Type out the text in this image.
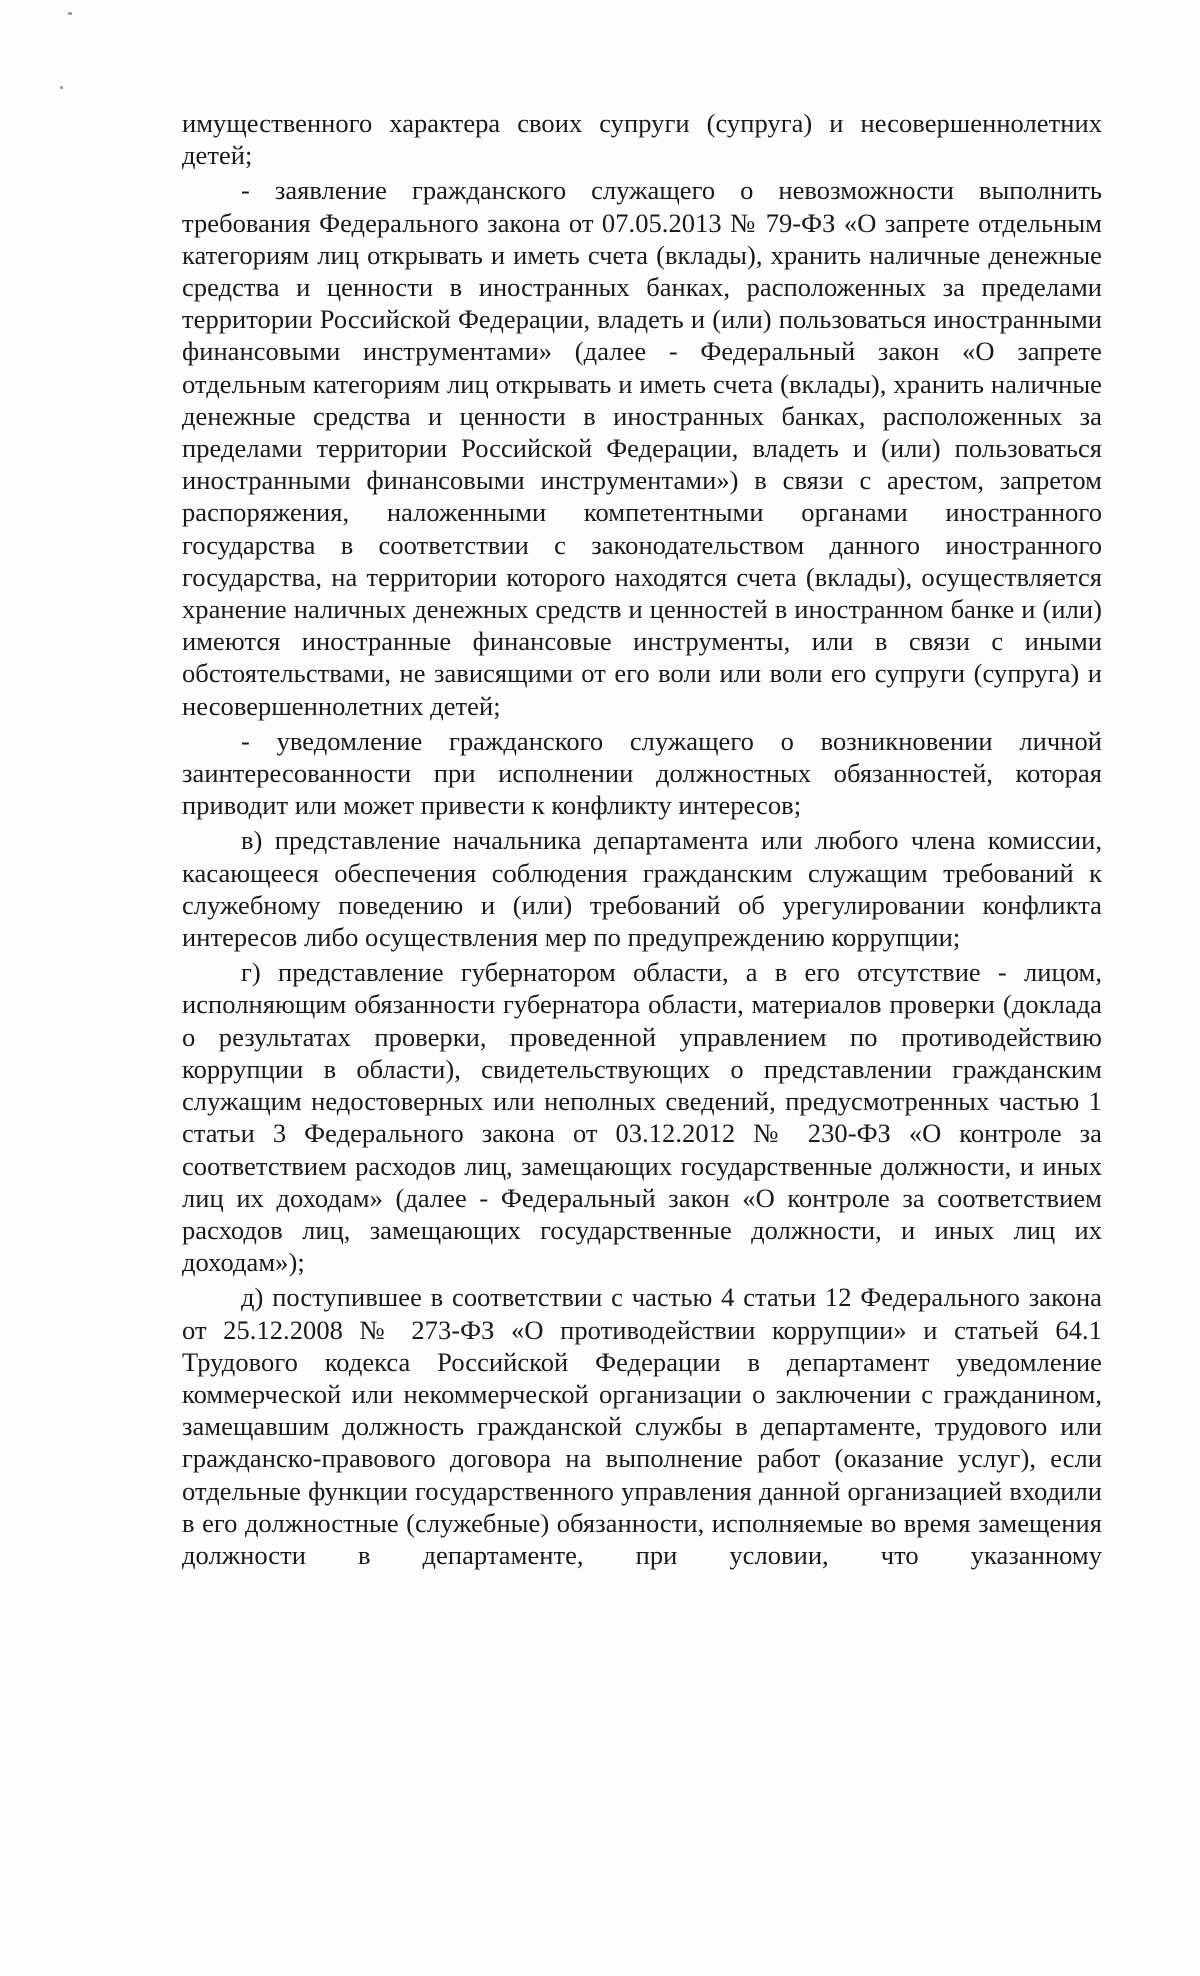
имущественного характера своих супруги (супруга) и несовершеннолетних детей;

- заявление гражданского служащего о невозможности выполнить требования Федерального закона от 07.05.2013 № 79-ФЗ «О запрете отдельным категориям лиц открывать и иметь счета (вклады), хранить наличные денежные средства и ценности в иностранных банках, расположенных за пределами территории Российской Федерации, владеть и (или) пользоваться иностранными финансовыми инструментами» (далее - Федеральный закон «О запрете отдельным категориям лиц открывать и иметь счета (вклады), хранить наличные денежные средства и ценности в иностранных банках, расположенных за пределами территории Российской Федерации, владеть и (или) пользоваться иностранными финансовыми инструментами») в связи с арестом, запретом распоряжения, наложенными компетентными органами иностранного государства в соответствии с законодательством данного иностранного государства, на территории которого находятся счета (вклады), осуществляется хранение наличных денежных средств и ценностей в иностранном банке и (или) имеются иностранные финансовые инструменты, или в связи с иными обстоятельствами, не зависящими от его воли или воли его супруги (супруга) и несовершеннолетних детей;

- уведомление гражданского служащего о возникновении личной заинтересованности при исполнении должностных обязанностей, которая приводит или может привести к конфликту интересов;

в) представление начальника департамента или любого члена комиссии, касающееся обеспечения соблюдения гражданским служащим требований к служебному поведению и (или) требований об урегулировании конфликта интересов либо осуществления мер по предупреждению коррупции;

г) представление губернатором области, а в его отсутствие - лицом, исполняющим обязанности губернатора области, материалов проверки (доклада о результатах проверки, проведенной управлением по противодействию коррупции в области), свидетельствующих о представлении гражданским служащим недостоверных или неполных сведений, предусмотренных частью 1 статьи 3 Федерального закона от 03.12.2012 № 230-ФЗ «О контроле за соответствием расходов лиц, замещающих государственные должности, и иных лиц их доходам» (далее - Федеральный закон «О контроле за соответствием расходов лиц, замещающих государственные должности, и иных лиц их доходам»);

д) поступившее в соответствии с частью 4 статьи 12 Федерального закона от 25.12.2008 № 273-ФЗ «О противодействии коррупции» и статьей 64.1 Трудового кодекса Российской Федерации в департамент уведомление коммерческой или некоммерческой организации о заключении с гражданином, замещавшим должность гражданской службы в департаменте, трудового или гражданско-правового договора на выполнение работ (оказание услуг), если отдельные функции государственного управления данной организацией входили в его должностные (служебные) обязанности, исполняемые во время замещения должности в департаменте, при условии, что указанному
